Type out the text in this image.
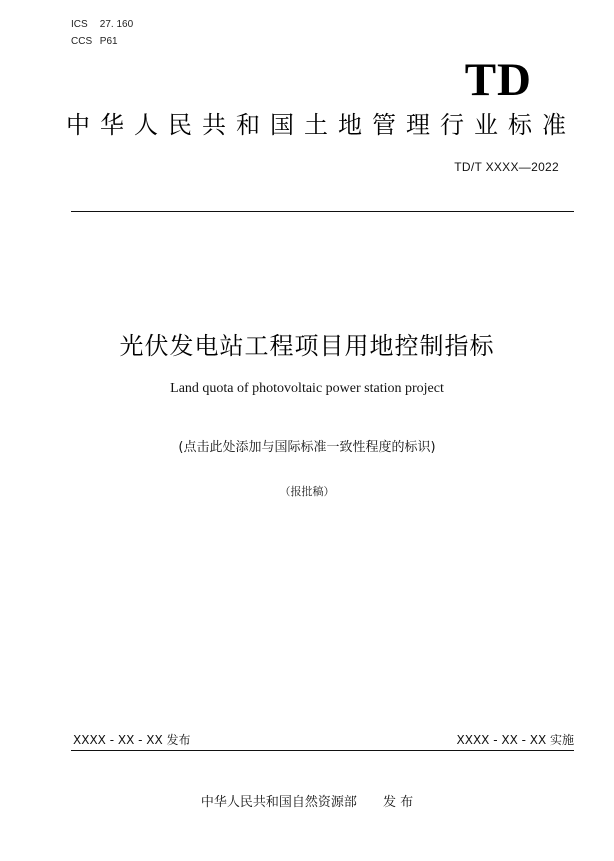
ICS 27. 160
CCS P61
TD
中华人民共和国土地管理行业标准
TD/T XXXX—2022
光伏发电站工程项目用地控制指标
Land quota of photovoltaic power station project
(点击此处添加与国际标准一致性程度的标识)
（报批稿）
XXXX - XX - XX 发布	XXXX - XX - XX 实施
中华人民共和国自然资源部 发 布
